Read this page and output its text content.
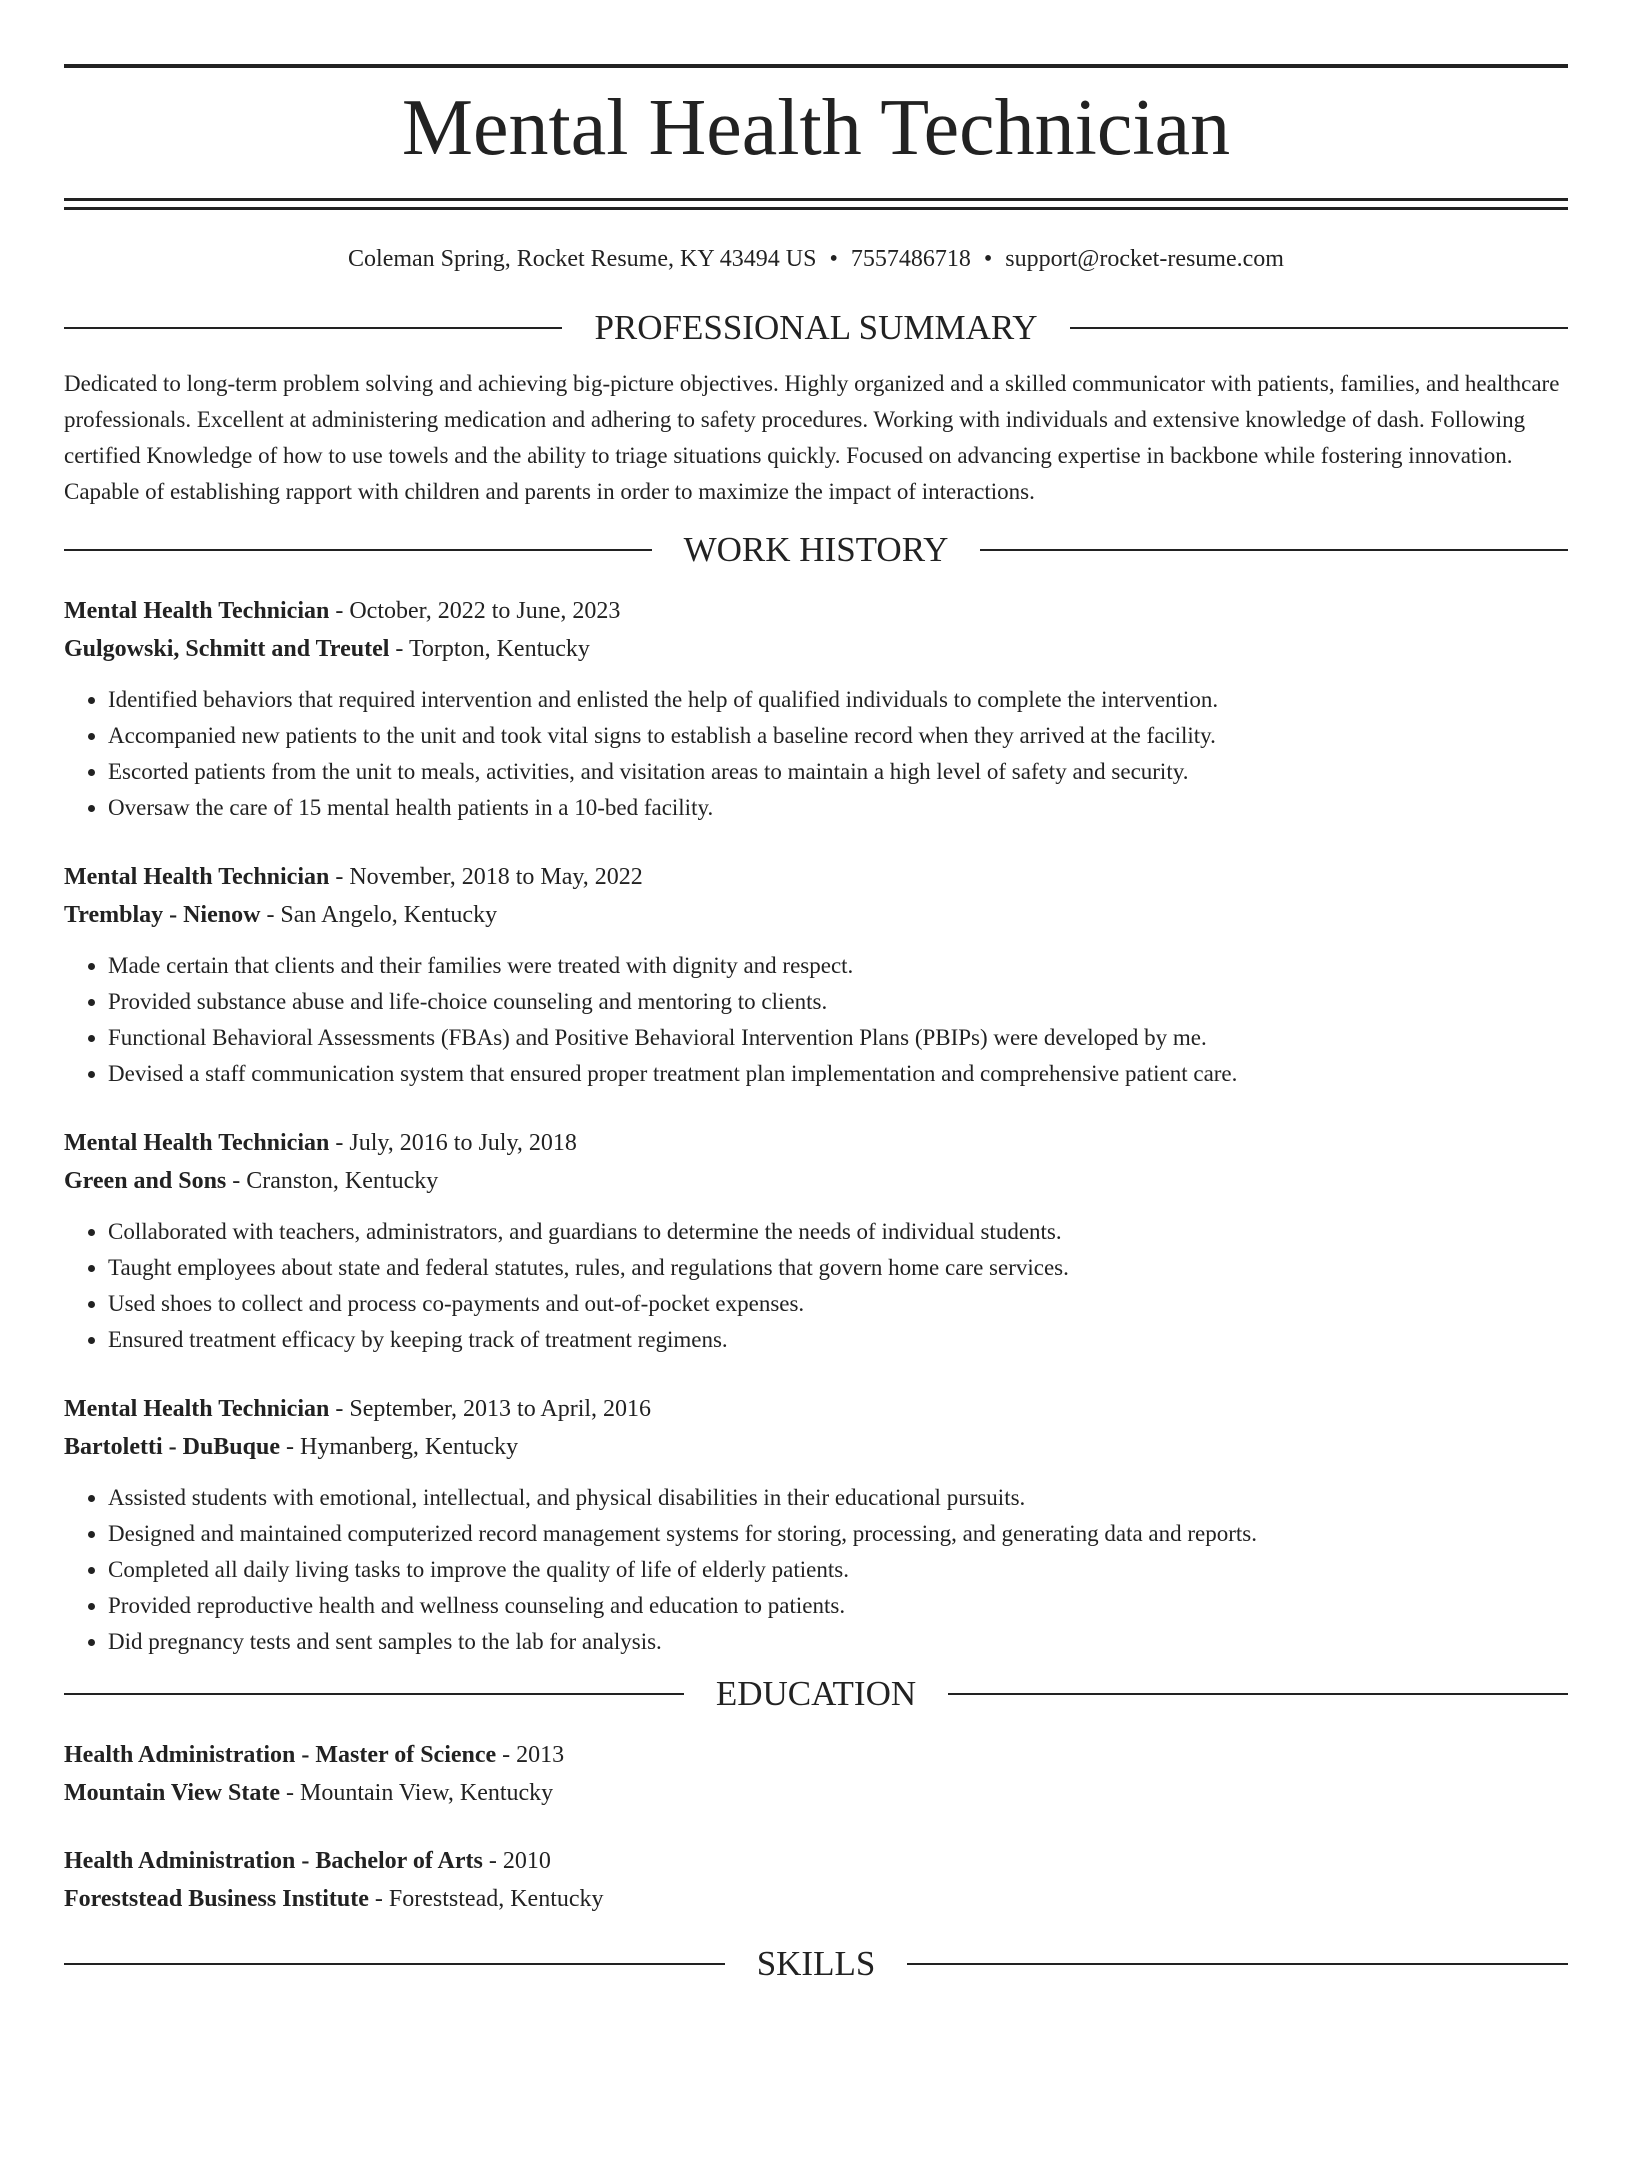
Mental Health Technician
Coleman Spring, Rocket Resume, KY 43494 US • 7557486718 • support@rocket-resume.com
PROFESSIONAL SUMMARY
Dedicated to long-term problem solving and achieving big-picture objectives. Highly organized and a skilled communicator with patients, families, and healthcare professionals. Excellent at administering medication and adhering to safety procedures. Working with individuals and extensive knowledge of dash. Following certified Knowledge of how to use towels and the ability to triage situations quickly. Focused on advancing expertise in backbone while fostering innovation. Capable of establishing rapport with children and parents in order to maximize the impact of interactions.
WORK HISTORY
Mental Health Technician - October, 2022 to June, 2023
Gulgowski, Schmitt and Treutel - Torpton, Kentucky
• Identified behaviors that required intervention and enlisted the help of qualified individuals to complete the intervention.
• Accompanied new patients to the unit and took vital signs to establish a baseline record when they arrived at the facility.
• Escorted patients from the unit to meals, activities, and visitation areas to maintain a high level of safety and security.
• Oversaw the care of 15 mental health patients in a 10-bed facility.
Mental Health Technician - November, 2018 to May, 2022
Tremblay - Nienow - San Angelo, Kentucky
• Made certain that clients and their families were treated with dignity and respect.
• Provided substance abuse and life-choice counseling and mentoring to clients.
• Functional Behavioral Assessments (FBAs) and Positive Behavioral Intervention Plans (PBIPs) were developed by me.
• Devised a staff communication system that ensured proper treatment plan implementation and comprehensive patient care.
Mental Health Technician - July, 2016 to July, 2018
Green and Sons - Cranston, Kentucky
• Collaborated with teachers, administrators, and guardians to determine the needs of individual students.
• Taught employees about state and federal statutes, rules, and regulations that govern home care services.
• Used shoes to collect and process co-payments and out-of-pocket expenses.
• Ensured treatment efficacy by keeping track of treatment regimens.
Mental Health Technician - September, 2013 to April, 2016
Bartoletti - DuBuque - Hymanberg, Kentucky
• Assisted students with emotional, intellectual, and physical disabilities in their educational pursuits.
• Designed and maintained computerized record management systems for storing, processing, and generating data and reports.
• Completed all daily living tasks to improve the quality of life of elderly patients.
• Provided reproductive health and wellness counseling and education to patients.
• Did pregnancy tests and sent samples to the lab for analysis.
EDUCATION
Health Administration - Master of Science - 2013
Mountain View State - Mountain View, Kentucky
Health Administration - Bachelor of Arts - 2010
Foreststead Business Institute - Foreststead, Kentucky
SKILLS
